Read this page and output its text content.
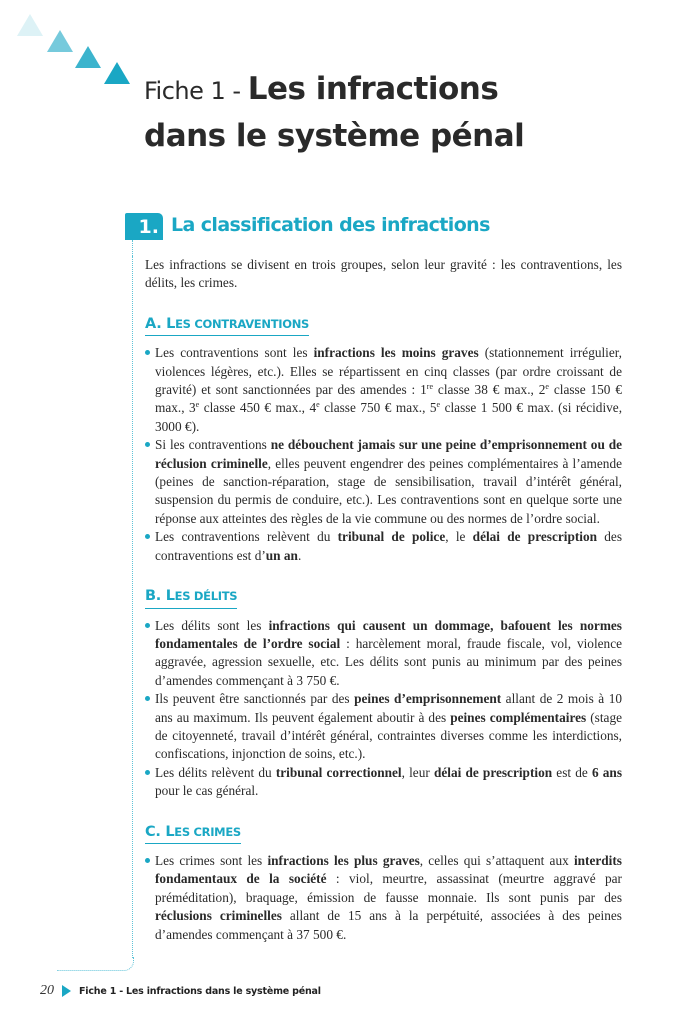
Fiche 1 - Les infractions
dans le système pénal
1. La classification des infractions

Les infractions se divisent en trois groupes, selon leur gravité : les contraventions, les délits, les crimes.

A. LES CONTRAVENTIONS
Les contraventions sont les infractions les moins graves (stationnement irrégulier, violences légères, etc.). Elles se répartissent en cinq classes (par ordre croissant de gravité) et sont sanctionnées par des amendes : 1re classe 38 € max., 2e classe 150 € max., 3e classe 450 € max., 4e classe 750 € max., 5e classe 1 500 € max. (si récidive, 3000 €).
Si les contraventions ne débouchent jamais sur une peine d’emprisonnement ou de réclusion criminelle, elles peuvent engendrer des peines complémentaires à l’amende (peines de sanction-réparation, stage de sensibilisation, travail d’intérêt général, suspension du permis de conduire, etc.). Les contraventions sont en quelque sorte une réponse aux atteintes des règles de la vie commune ou des normes de l’ordre social.
Les contraventions relèvent du tribunal de police, le délai de prescription des contraventions est d’un an.
B. LES DÉLITS
Les délits sont les infractions qui causent un dommage, bafouent les normes fondamentales de l’ordre social : harcèlement moral, fraude fiscale, vol, violence aggravée, agression sexuelle, etc. Les délits sont punis au minimum par des peines d’amendes commençant à 3 750 €.
Ils peuvent être sanctionnés par des peines d’emprisonnement allant de 2 mois à 10 ans au maximum. Ils peuvent également aboutir à des peines complémentaires (stage de citoyenneté, travail d’intérêt général, contraintes diverses comme les interdictions, confiscations, injonction de soins, etc.).
Les délits relèvent du tribunal correctionnel, leur délai de prescription est de 6 ans pour le cas général.
C. LES CRIMES
Les crimes sont les infractions les plus graves, celles qui s’attaquent aux interdits fondamentaux de la société : viol, meurtre, assassinat (meurtre aggravé par préméditation), braquage, émission de fausse monnaie. Ils sont punis par des réclusions criminelles allant de 15 ans à la perpétuité, associées à des peines d’amendes commençant à 37 500 €.
20	Fiche 1 - Les infractions dans le système pénal
